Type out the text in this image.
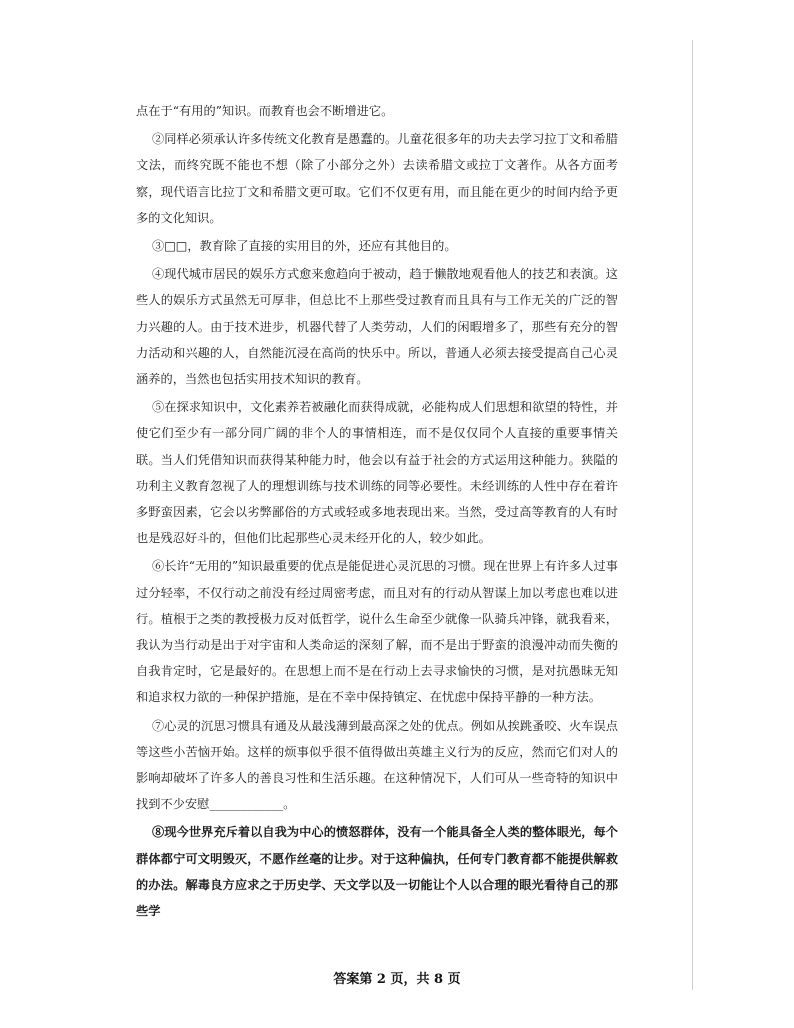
点在于“有用的”知识。而教育也会不断增进它。

②同样必须承认许多传统文化教育是愚蠢的。儿童花很多年的功夫去学习拉丁文和希腊文法，而终究既不能也不想（除了小部分之外）去读希腊文或拉丁文著作。从各方面考察，现代语言比拉丁文和希腊文更可取。它们不仅更有用，而且能在更少的时间内给予更多的文化知识。

③□□，教育除了直接的实用目的外，还应有其他目的。

④现代城市居民的娱乐方式愈来愈趋向于被动，趋于懒散地观看他人的技艺和表演。这些人的娱乐方式虽然无可厚非，但总比不上那些受过教育而且具有与工作无关的广泛的智力兴趣的人。由于技术进步，机器代替了人类劳动，人们的闲暇增多了，那些有充分的智力活动和兴趣的人，自然能沉浸在高尚的快乐中。所以，普通人必须去接受提高自己心灵涵养的，当然也包括实用技术知识的教育。

⑤在探求知识中，文化素养若被融化而获得成就，必能构成人们思想和欲望的特性，并使它们至少有一部分同广阔的非个人的事情相连，而不是仅仅同个人直接的重要事情关联。当人们凭借知识而获得某种能力时，他会以有益于社会的方式运用这种能力。狭隘的功利主义教育忽视了人的理想训练与技术训练的同等必要性。未经训练的人性中存在着许多野蛮因素，它会以劣弊鄙俗的方式或轻或多地表现出来。当然，受过高等教育的人有时也是残忍好斗的，但他们比起那些心灵未经开化的人，较少如此。

⑥长许“无用的”知识最重要的优点是能促进心灵沉思的习惯。现在世界上有许多人过事过分轻率，不仅行动之前没有经过周密考虑，而且对有的行动从智谋上加以考虑也难以进行。植根于之类的教授极力反对低哲学，说什么生命至少就像一队骑兵冲锋，就我看来，我认为当行动是出于对宇宙和人类命运的深刻了解，而不是出于野蛮的浪漫冲动而失衡的自我肯定时，它是最好的。在思想上而不是在行动上去寻求愉快的习惯，是对抗愚昧无知和追求权力欲的一种保护措施，是在不幸中保持镇定、在忧虑中保持平静的一种方法。

⑦心灵的沉思习惯具有通及从最浅薄到最高深之处的优点。例如从挨跳蚤咬、火车误点等这些小苦恼开始。这样的烦事似乎很不值得做出英雄主义行为的反应，然而它们对人的影响却破坏了许多人的善良习性和生活乐趣。在这种情况下，人们可从一些奇特的知识中找到不少安慰____________。

⑧现今世界充斥着以自我为中心的愤怒群体，没有一个能具备全人类的整体眼光，每个群体都宁可文明毁灭，不愿作丝毫的让步。对于这种偏执，任何专门教育都不能提供解救的办法。解毒良方应求之于历史学、天文学以及一切能让个人以合理的眼光看待自己的那些学

答案第 2 页，共 8 页
